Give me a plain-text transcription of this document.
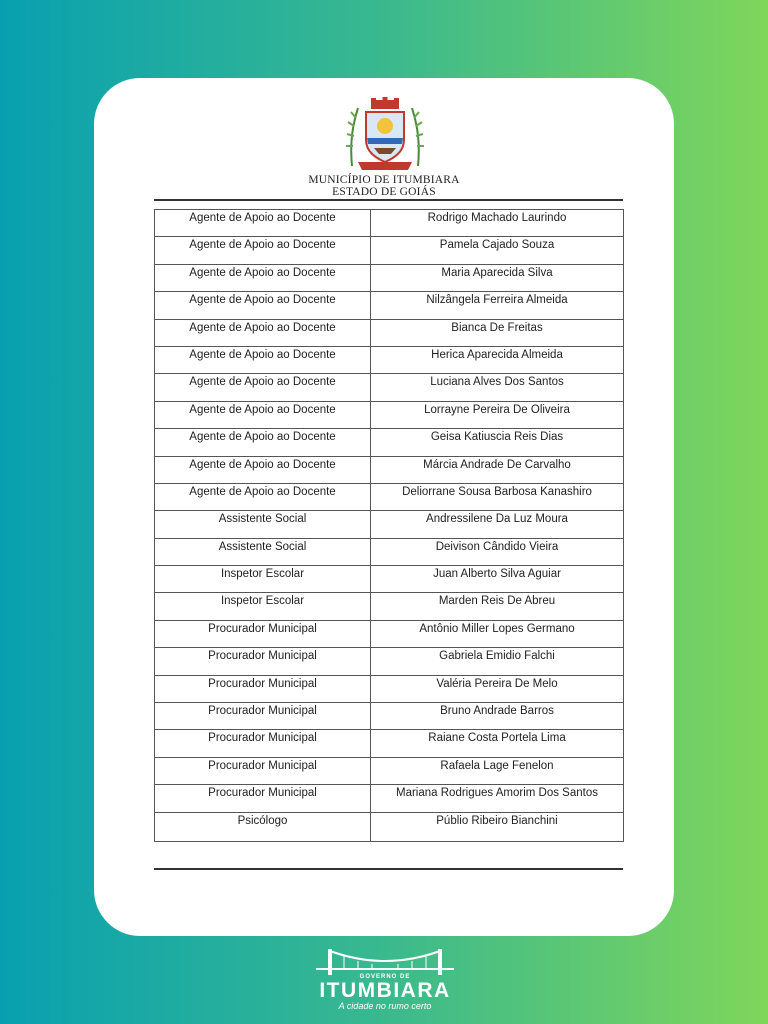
MUNICÍPIO DE ITUMBIARA
ESTADO DE GOIÁS
Agente de Apoio ao Docente	Rodrigo Machado Laurindo
Agente de Apoio ao Docente	Pamela Cajado Souza
Agente de Apoio ao Docente	Maria Aparecida Silva
Agente de Apoio ao Docente	Nilzângela Ferreira Almeida
Agente de Apoio ao Docente	Bianca De Freitas
Agente de Apoio ao Docente	Herica Aparecida Almeida
Agente de Apoio ao Docente	Luciana Alves Dos Santos
Agente de Apoio ao Docente	Lorrayne Pereira De Oliveira
Agente de Apoio ao Docente	Geisa Katiuscia Reis Dias
Agente de Apoio ao Docente	Márcia Andrade De Carvalho
Agente de Apoio ao Docente	Deliorrane Sousa Barbosa Kanashiro
Assistente Social	Andressilene Da Luz Moura
Assistente Social	Deivison Cândido Vieira
Inspetor Escolar	Juan Alberto Silva Aguiar
Inspetor Escolar	Marden Reis De Abreu
Procurador Municipal	Antônio Miller Lopes Germano
Procurador Municipal	Gabriela Emidio Falchi
Procurador Municipal	Valéria Pereira De Melo
Procurador Municipal	Bruno Andrade Barros
Procurador Municipal	Raiane Costa Portela Lima
Procurador Municipal	Rafaela Lage Fenelon
Procurador Municipal	Mariana Rodrigues Amorim Dos Santos
Psicólogo	Públio Ribeiro Bianchini
GOVERNO DE
ITUMBIARA
A cidade no rumo certo
